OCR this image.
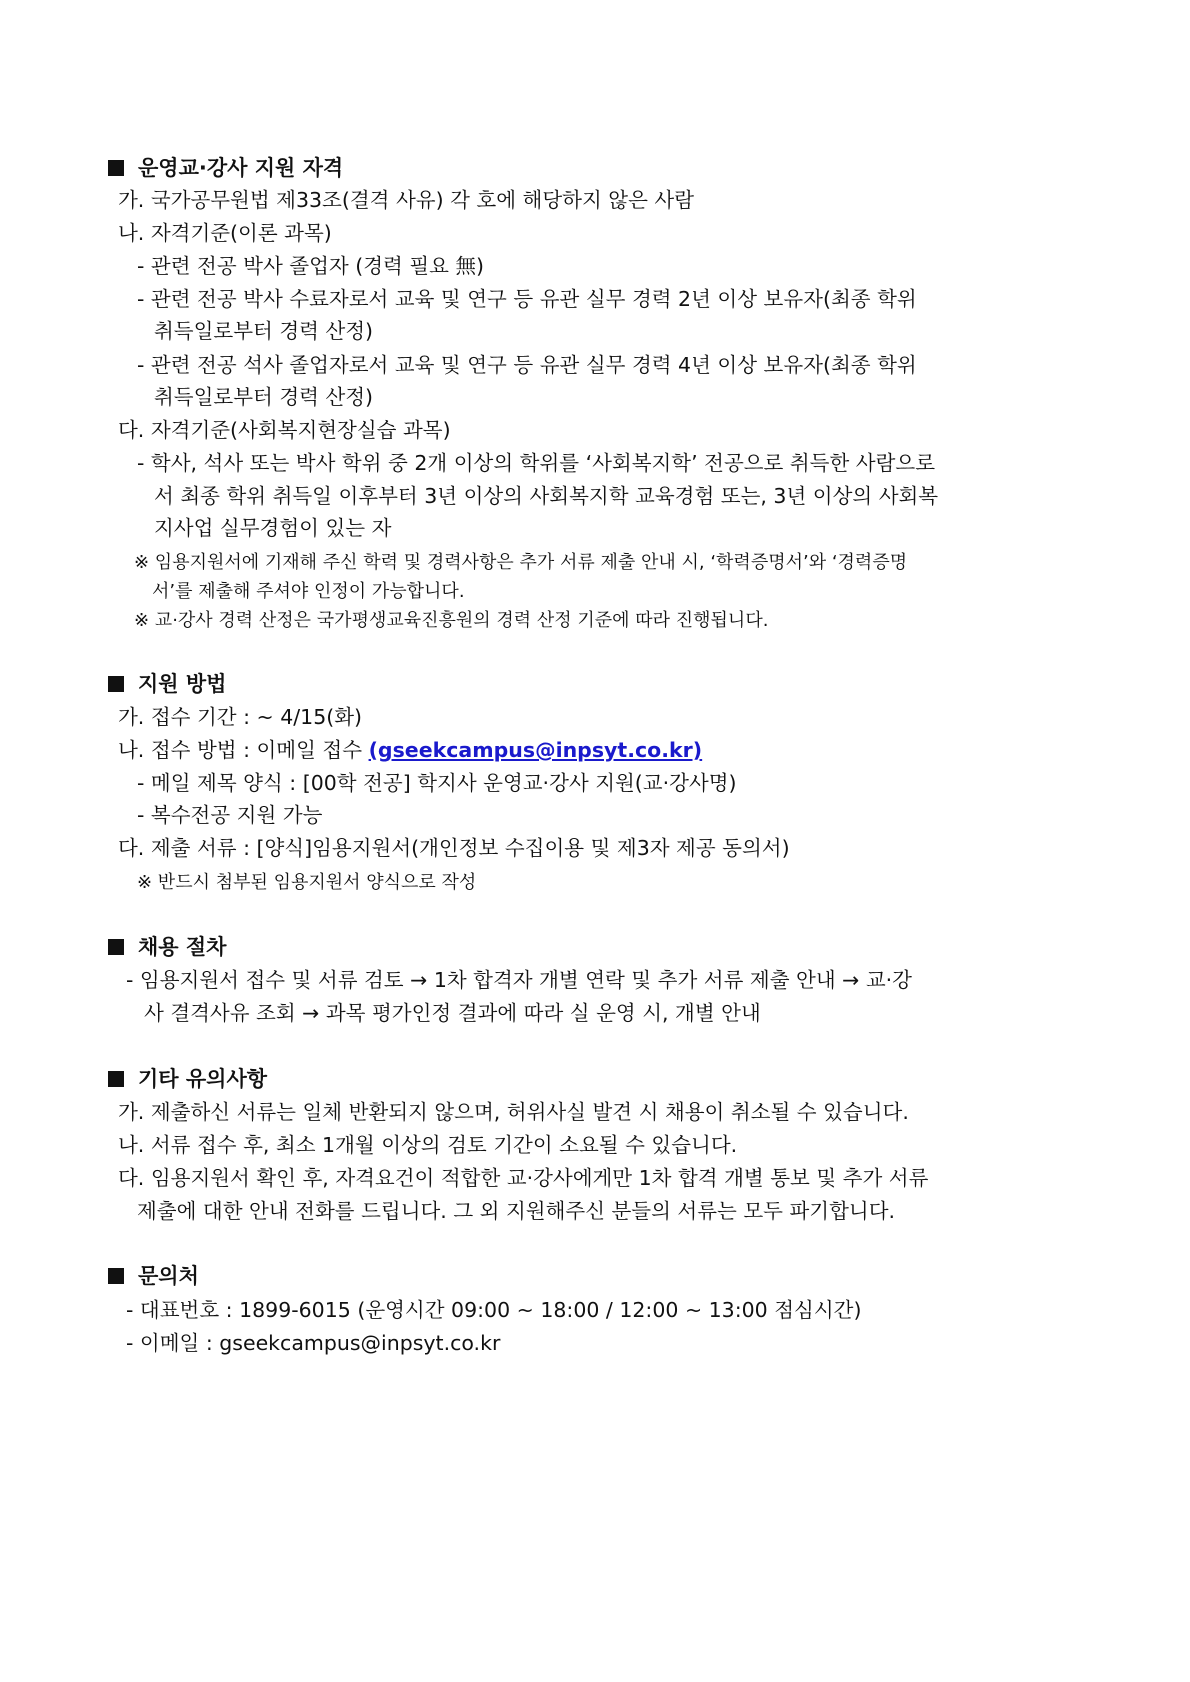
운영교·강사 지원 자격
가. 국가공무원법 제33조(결격 사유) 각 호에 해당하지 않은 사람
나. 자격기준(이론 과목)
- 관련 전공 박사 졸업자 (경력 필요 無)
- 관련 전공 박사 수료자로서 교육 및 연구 등 유관 실무 경력 2년 이상 보유자(최종 학위
취득일로부터 경력 산정)
- 관련 전공 석사 졸업자로서 교육 및 연구 등 유관 실무 경력 4년 이상 보유자(최종 학위
취득일로부터 경력 산정)
다. 자격기준(사회복지현장실습 과목)
- 학사, 석사 또는 박사 학위 중 2개 이상의 학위를 ‘사회복지학’ 전공으로 취득한 사람으로
서 최종 학위 취득일 이후부터 3년 이상의 사회복지학 교육경험 또는, 3년 이상의 사회복
지사업 실무경험이 있는 자
※ 임용지원서에 기재해 주신 학력 및 경력사항은 추가 서류 제출 안내 시, ‘학력증명서’와 ‘경력증명
서’를 제출해 주셔야 인정이 가능합니다.
※ 교·강사 경력 산정은 국가평생교육진흥원의 경력 산정 기준에 따라 진행됩니다.
지원 방법
가. 접수 기간 : ~ 4/15(화)
나. 접수 방법 : 이메일 접수 (gseekcampus@inpsyt.co.kr)
- 메일 제목 양식 : [00학 전공] 학지사 운영교·강사 지원(교·강사명)
- 복수전공 지원 가능
다. 제출 서류 : [양식]임용지원서(개인정보 수집이용 및 제3자 제공 동의서)
※ 반드시 첨부된 임용지원서 양식으로 작성
채용 절차
- 임용지원서 접수 및 서류 검토 → 1차 합격자 개별 연락 및 추가 서류 제출 안내 → 교·강
사 결격사유 조회 → 과목 평가인정 결과에 따라 실 운영 시, 개별 안내
기타 유의사항
가. 제출하신 서류는 일체 반환되지 않으며, 허위사실 발견 시 채용이 취소될 수 있습니다.
나. 서류 접수 후, 최소 1개월 이상의 검토 기간이 소요될 수 있습니다.
다. 임용지원서 확인 후, 자격요건이 적합한 교·강사에게만 1차 합격 개별 통보 및 추가 서류
제출에 대한 안내 전화를 드립니다. 그 외 지원해주신 분들의 서류는 모두 파기합니다.
문의처
- 대표번호 : 1899-6015 (운영시간 09:00 ~ 18:00 / 12:00 ~ 13:00 점심시간)
- 이메일 : gseekcampus@inpsyt.co.kr
